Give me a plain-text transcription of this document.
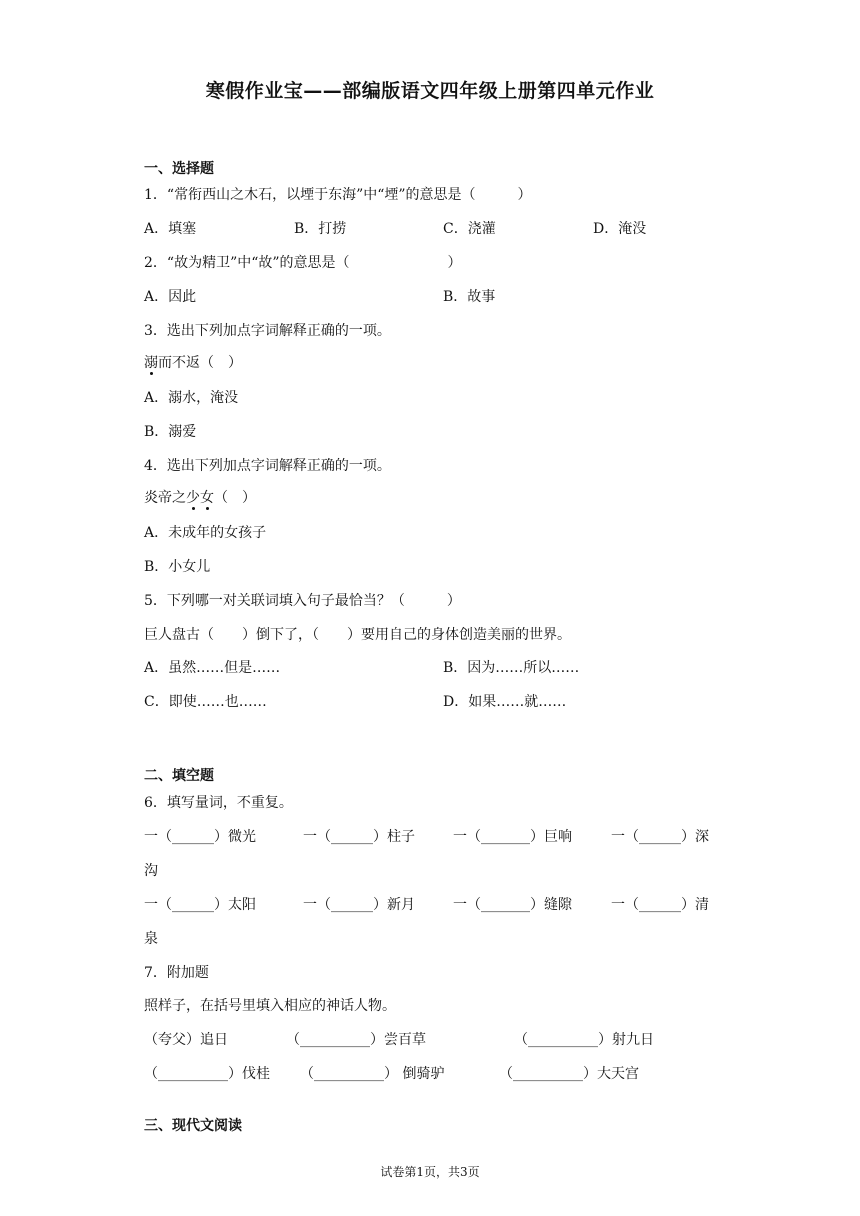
寒假作业宝——部编版语文四年级上册第四单元作业
一、选择题
1．“常衔西山之木石，以堙于东海”中“堙”的意思是（　　　）
A．填塞	B．打捞	C．浇灌	D．淹没
2．“故为精卫”中“故”的意思是（　　　　　　　）
A．因此	B．故事
3．选出下列加点字词解释正确的一项。
溺而不返（　）
A．溺水，淹没
B．溺爱
4．选出下列加点字词解释正确的一项。
炎帝之少女（　）
A．未成年的女孩子
B．小女儿
5．下列哪一对关联词填入句子最恰当？（　　　）
巨人盘古（　　）倒下了，（　　）要用自己的身体创造美丽的世界。
A．虽然……但是……	B．因为……所以……
C．即使……也……	D．如果……就……
二、填空题
6．填写量词，不重复。
一（______）微光	一（______）柱子	一（_______）巨响	一（______）深
沟
一（______）太阳	一（______）新月	一（_______）缝隙	一（______）清
泉
7．附加题
照样子，在括号里填入相应的神话人物。
（夸父）追日	（__________）尝百草	（__________）射九日
（__________）伐桂 （__________） 倒骑驴	（__________）大天宫
三、现代文阅读
试卷第1页，共3页
